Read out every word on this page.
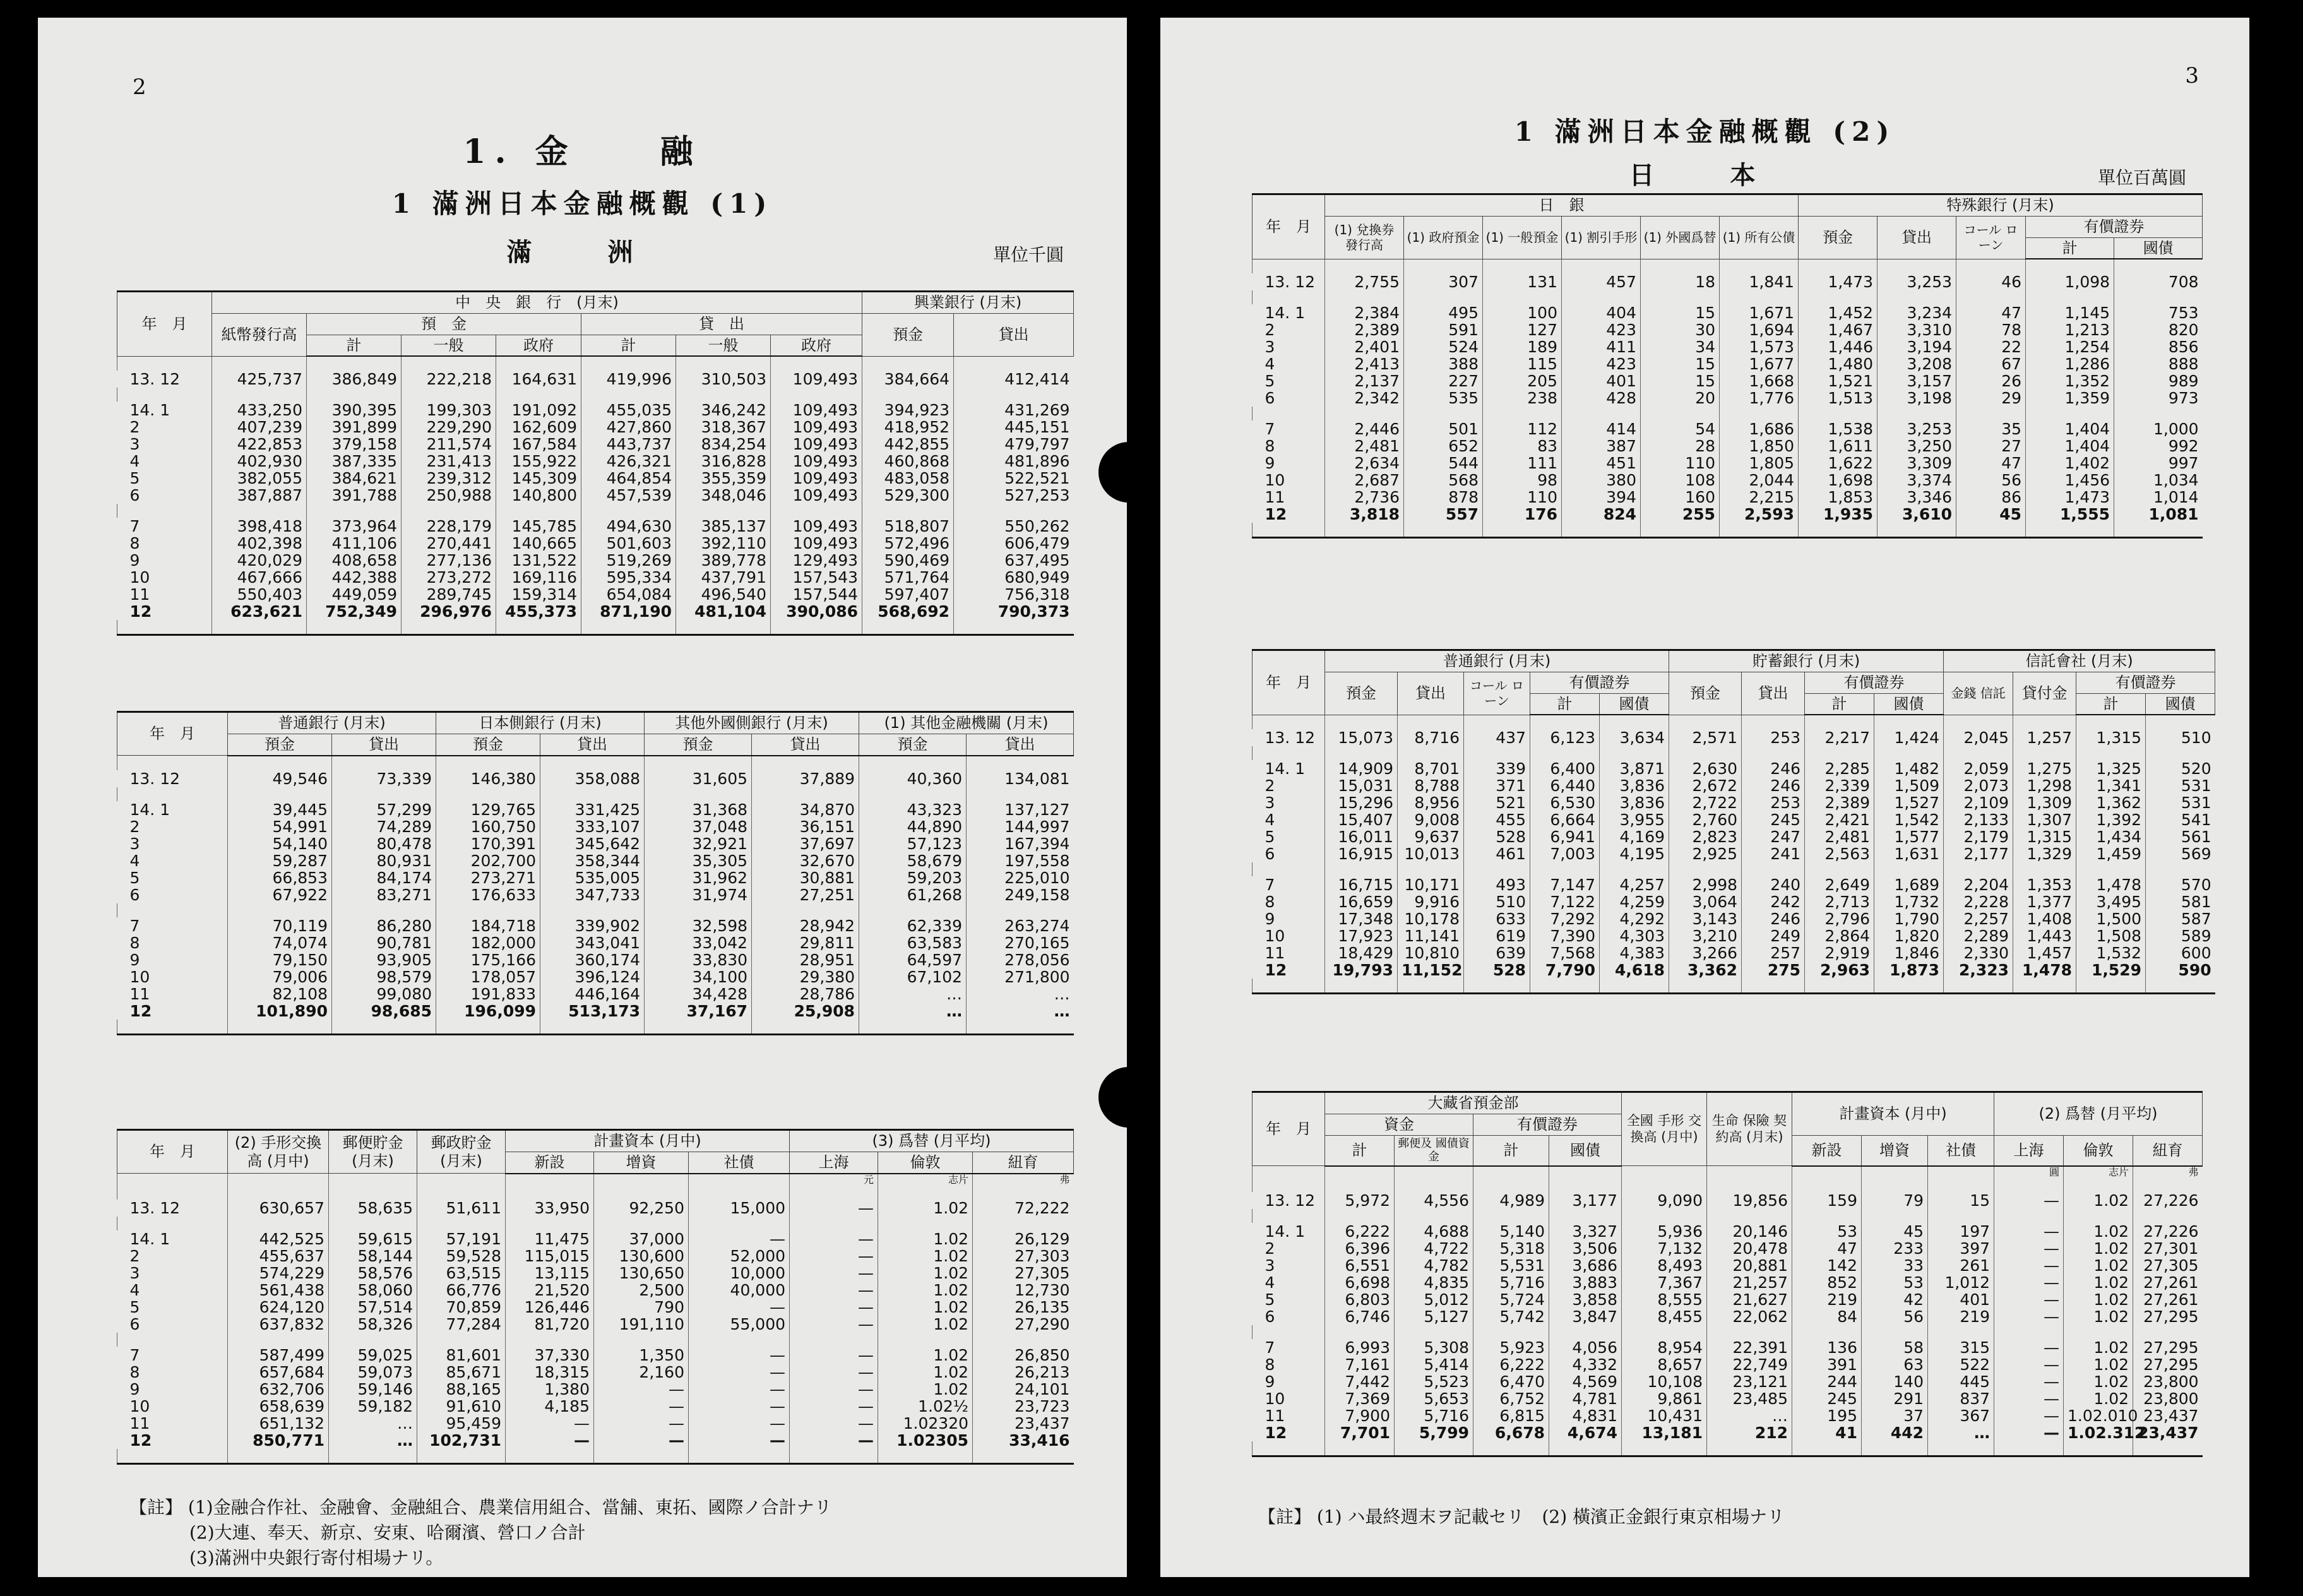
2
1. 金　　融
1 滿洲日本金融概觀 (1)
滿　洲	單位千圓
年　月	中　央　銀　行　(月末)							興業銀行 (月末)	
	紙幣發行高	預　金			貸　出			預金	貸出
		計	一般	政府	計	一般	政府		

13. 12	425,737	386,849	222,218	164,631	419,996	310,503	109,493	384,664	412,414

14. 1	433,250	390,395	199,303	191,092	455,035	346,242	109,493	394,923	431,269
2	407,239	391,899	229,290	162,609	427,860	318,367	109,493	418,952	445,151
3	422,853	379,158	211,574	167,584	443,737	834,254	109,493	442,855	479,797
4	402,930	387,335	231,413	155,922	426,321	316,828	109,493	460,868	481,896
5	382,055	384,621	239,312	145,309	464,854	355,359	109,493	483,058	522,521
6	387,887	391,788	250,988	140,800	457,539	348,046	109,493	529,300	527,253

7	398,418	373,964	228,179	145,785	494,630	385,137	109,493	518,807	550,262
8	402,398	411,106	270,441	140,665	501,603	392,110	109,493	572,496	606,479
9	420,029	408,658	277,136	131,522	519,269	389,778	129,493	590,469	637,495
10	467,666	442,388	273,272	169,116	595,334	437,791	157,543	571,764	680,949
11	550,403	449,059	289,745	159,314	654,084	496,540	157,544	597,407	756,318
12	623,621	752,349	296,976	455,373	871,190	481,104	390,086	568,692	790,373

年　月	普通銀行 (月末)		日本側銀行 (月末)		其他外國側銀行 (月末)		(1) 其他金融機關 (月末)	
	預金	貸出	預金	貸出	預金	貸出	預金	貸出

13. 12	49,546	73,339	146,380	358,088	31,605	37,889	40,360	134,081

14. 1	39,445	57,299	129,765	331,425	31,368	34,870	43,323	137,127
2	54,991	74,289	160,750	333,107	37,048	36,151	44,890	144,997
3	54,140	80,478	170,391	345,642	32,921	37,697	57,123	167,394
4	59,287	80,931	202,700	358,344	35,305	32,670	58,679	197,558
5	66,853	84,174	273,271	535,005	31,962	30,881	59,203	225,010
6	67,922	83,271	176,633	347,733	31,974	27,251	61,268	249,158

7	70,119	86,280	184,718	339,902	32,598	28,942	62,339	263,274
8	74,074	90,781	182,000	343,041	33,042	29,811	63,583	270,165
9	79,150	93,905	175,166	360,174	33,830	28,951	64,597	278,056
10	79,006	98,579	178,057	396,124	34,100	29,380	67,102	271,800
11	82,108	99,080	191,833	446,164	34,428	28,786	…	…
12	101,890	98,685	196,099	513,173	37,167	25,908	…	…

年　月	(2) 手形交換高 (月中)	郵便貯金 (月末)	郵政貯金 (月末)	計畫資本 (月中)			(3) 爲替 (月平均)		
				新設	增資	社債	上海	倫敦	紐育
							元	志片	弗

13. 12	630,657	58,635	51,611	33,950	92,250	15,000	—	1.02	72,222

14. 1	442,525	59,615	57,191	11,475	37,000	—	—	1.02	26,129
2	455,637	58,144	59,528	115,015	130,600	52,000	—	1.02	27,303
3	574,229	58,576	63,515	13,115	130,650	10,000	—	1.02	27,305
4	561,438	58,060	66,776	21,520	2,500	40,000	—	1.02	12,730
5	624,120	57,514	70,859	126,446	790	—	—	1.02	26,135
6	637,832	58,326	77,284	81,720	191,110	55,000	—	1.02	27,290

7	587,499	59,025	81,601	37,330	1,350	—	—	1.02	26,850
8	657,684	59,073	85,671	18,315	2,160	—	—	1.02	26,213
9	632,706	59,146	88,165	1,380	—	—	—	1.02	24,101
10	658,639	59,182	91,610	4,185	—	—	—	1.02½	23,723
11	651,132	…	95,459	—	—	—	—	1.02320	23,437
12	850,771	…	102,731	—	—	—	—	1.02305	33,416

【註】 (1)金融合作社、金融會、金融組合、農業信用組合、當舗、東拓、國際ノ合計ナリ
(2)大連、奉天、新京、安東、哈爾濱、營口ノ合計
(3)滿洲中央銀行寄付相場ナリ。
3
1 滿洲日本金融概觀 (2)
日　本	單位百萬圓
年　月	日　銀						特殊銀行 (月末)				
	(1) 兌換券 發行高	(1) 政府預金	(1) 一般預金	(1) 割引手形	(1) 外國爲替	(1) 所有公債	預金	貸出	コール ローン	有價證券	
										計	國債

13. 12	2,755	307	131	457	18	1,841	1,473	3,253	46	1,098	708

14. 1	2,384	495	100	404	15	1,671	1,452	3,234	47	1,145	753
2	2,389	591	127	423	30	1,694	1,467	3,310	78	1,213	820
3	2,401	524	189	411	34	1,573	1,446	3,194	22	1,254	856
4	2,413	388	115	423	15	1,677	1,480	3,208	67	1,286	888
5	2,137	227	205	401	15	1,668	1,521	3,157	26	1,352	989
6	2,342	535	238	428	20	1,776	1,513	3,198	29	1,359	973

7	2,446	501	112	414	54	1,686	1,538	3,253	35	1,404	1,000
8	2,481	652	83	387	28	1,850	1,611	3,250	27	1,404	992
9	2,634	544	111	451	110	1,805	1,622	3,309	47	1,402	997
10	2,687	568	98	380	108	2,044	1,698	3,374	56	1,456	1,034
11	2,736	878	110	394	160	2,215	1,853	3,346	86	1,473	1,014
12	3,818	557	176	824	255	2,593	1,935	3,610	45	1,555	1,081

年　月	普通銀行 (月末)					貯蓄銀行 (月末)				信託會社 (月末)			
	預金	貸出	コール ローン	有價證券		預金	貸出	有價證券		金錢 信託	貸付金	有價證券	
				計	國債			計	國債			計	國債

13. 12	15,073	8,716	437	6,123	3,634	2,571	253	2,217	1,424	2,045	1,257	1,315	510

14. 1	14,909	8,701	339	6,400	3,871	2,630	246	2,285	1,482	2,059	1,275	1,325	520
2	15,031	8,788	371	6,440	3,836	2,672	246	2,339	1,509	2,073	1,298	1,341	531
3	15,296	8,956	521	6,530	3,836	2,722	253	2,389	1,527	2,109	1,309	1,362	531
4	15,407	9,008	455	6,664	3,955	2,760	245	2,421	1,542	2,133	1,307	1,392	541
5	16,011	9,637	528	6,941	4,169	2,823	247	2,481	1,577	2,179	1,315	1,434	561
6	16,915	10,013	461	7,003	4,195	2,925	241	2,563	1,631	2,177	1,329	1,459	569

7	16,715	10,171	493	7,147	4,257	2,998	240	2,649	1,689	2,204	1,353	1,478	570
8	16,659	9,916	510	7,122	4,259	3,064	242	2,713	1,732	2,228	1,377	3,495	581
9	17,348	10,178	633	7,292	4,292	3,143	246	2,796	1,790	2,257	1,408	1,500	587
10	17,923	11,141	619	7,390	4,303	3,210	249	2,864	1,820	2,289	1,443	1,508	589
11	18,429	10,810	639	7,568	4,383	3,266	257	2,919	1,846	2,330	1,457	1,532	600
12	19,793	11,152	528	7,790	4,618	3,362	275	2,963	1,873	2,323	1,478	1,529	590

年　月	大藏省預金部				全國 手形 交換高 (月中)	生命 保險 契約高 (月末)	計畫資本 (月中)			(2) 爲替 (月平均)		
	資金		有價證券									
	計	郵便及 國債資金	計	國債			新設	增資	社債	上海	倫敦	紐育
										圓	志片	弗

13. 12	5,972	4,556	4,989	3,177	9,090	19,856	159	79	15	—	1.02	27,226

14. 1	6,222	4,688	5,140	3,327	5,936	20,146	53	45	197	—	1.02	27,226
2	6,396	4,722	5,318	3,506	7,132	20,478	47	233	397	—	1.02	27,301
3	6,551	4,782	5,531	3,686	8,493	20,881	142	33	261	—	1.02	27,305
4	6,698	4,835	5,716	3,883	7,367	21,257	852	53	1,012	—	1.02	27,261
5	6,803	5,012	5,724	3,858	8,555	21,627	219	42	401	—	1.02	27,261
6	6,746	5,127	5,742	3,847	8,455	22,062	84	56	219	—	1.02	27,295

7	6,993	5,308	5,923	4,056	8,954	22,391	136	58	315	—	1.02	27,295
8	7,161	5,414	6,222	4,332	8,657	22,749	391	63	522	—	1.02	27,295
9	7,442	5,523	6,470	4,569	10,108	23,121	244	140	445	—	1.02	23,800
10	7,369	5,653	6,752	4,781	9,861	23,485	245	291	837	—	1.02	23,800
11	7,900	5,716	6,815	4,831	10,431	…	195	37	367	—	1.02.010	23,437
12	7,701	5,799	6,678	4,674	13,181	212	41	442	…	—	1.02.312	23,437

【註】 (1) ハ最終週末ヲ記載セリ　(2) 橫濱正金銀行東京相場ナリ
